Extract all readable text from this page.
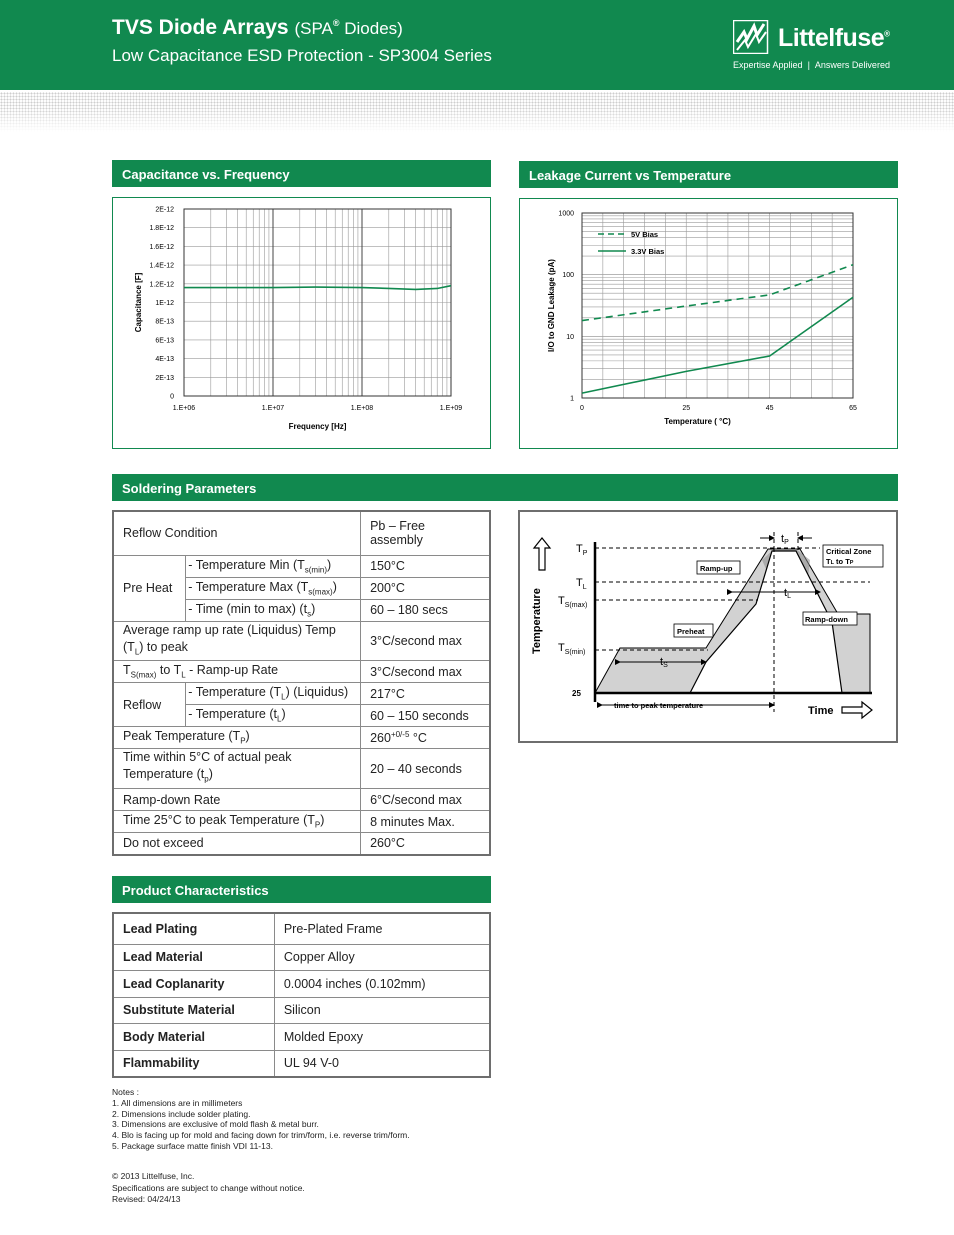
TVS Diode Arrays (SPA® Diodes)
Low Capacitance ESD Protection - SP3004 Series
Littelfuse®
Expertise Applied | Answers Delivered
Capacitance vs. Frequency
1.E+06	1.E+07	1.E+08	1.E+09
0
2E-13
4E-13
6E-13
8E-13
1E-12
1.2E-12
1.4E-12
1.6E-12
1.8E-12
2E-12
Frequency [Hz]
Capacitance [F]
Leakage Current vs Temperature
0	25	45	65
1
10
100
1000
5V Bias
3.3V Bias
Temperature ( °C)
I/O to GND Leakage (pA)
Soldering Parameters
Reflow Condition		Pb – Free assembly
Pre Heat	- Temperature Min $(T_{s(min)})$	150°C
	- Temperature Max $(T_{s(max)})$	200°C
	- Time (min to max) $(t_s)$	60 – 180 secs
Average ramp up rate (Liquidus) Temp
$(T_L)$ to peak		3°C/second max
$T_{S(max)}$ to $T_L$ - Ramp-up Rate		3°C/second max
Reflow	- Temperature $(T_L)$ (Liquidus)	217°C
	- Temperature $(t_L)$	60 – 150 seconds
Peak Temperature $(T_P)$		$260^{+0/-5}$ °C
Time within 5°C of actual peak
Temperature $(t_p)$		20 – 40 seconds
Ramp-down Rate		6°C/second max
Time 25°C to peak Temperature $(T_P)$		8 minutes Max.
Do not exceed		260°C
Temperature
Time
$T_P$
$T_L$
$T_{S(max)}$
$T_{S(min)}$
25
tP
tL
tS
Critical Zone
TL to TP
Ramp-up
Ramp-down
Preheat
time to peak temperature
Product Characteristics
Lead Plating	Pre-Plated Frame
Lead Material	Copper Alloy
Lead Coplanarity	0.0004 inches (0.102mm)
Substitute Material	Silicon
Body Material	Molded Epoxy
Flammability	UL 94 V-0
Notes :
1. All dimensions are in millimeters
2. Dimensions include solder plating.
3. Dimensions are exclusive of mold flash & metal burr.
4. Blo is facing up for mold and facing down for trim/form, i.e. reverse trim/form.
5. Package surface matte finish VDI 11-13.
© 2013 Littelfuse, Inc.
Specifications are subject to change without notice.
Revised: 04/24/13
